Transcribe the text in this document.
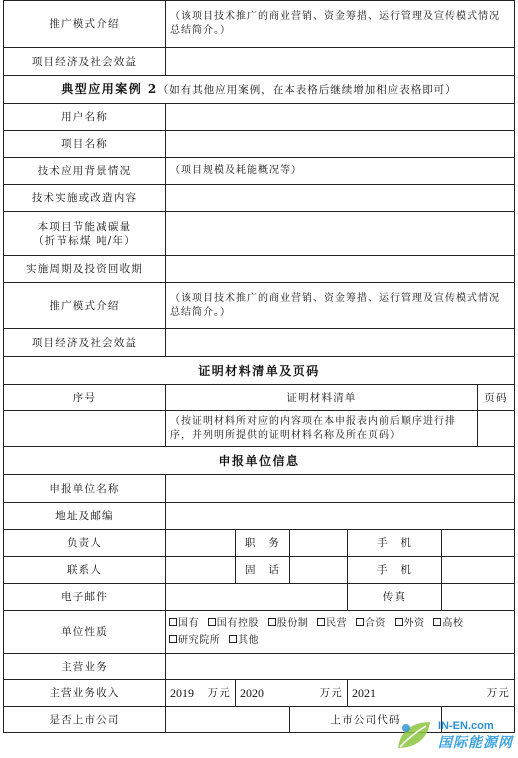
推广模式介绍	（该项目技术推广的商业营销、资金筹措、运行管理及宣传模式情况总结简介。）					
项目经济及社会效益						
典型应用案例 2（如有其他应用案例，在本表格后继续增加相应表格即可）						
用户名称						
项目名称						
技术应用背景情况	（项目规模及耗能概况等）					
技术实施或改造内容						

本项目节能减碳量
（折节标煤 吨/年）						

实施周期及投资回收期						
推广模式介绍	（该项目技术推广的商业营销、资金筹措、运行管理及宣传模式情况总结简介。）					
项目经济及社会效益						
证明材料清单及页码						
序号	证明材料清单					页码
	（按证明材料所对应的内容项在本申报表内前后顺序进行排序，并列明所提供的证明材料名称及所在页码）					
申报单位信息						
申报单位名称						
地址及邮编						
负责人		职　务		手　机		
联系人		固　话		手　机		
电子邮件				传真		
单位性质	国有 国有控股 股份制 民营 合资 外资 高校
研究院所 其他					
主营业务						
主营业务收入	2019 万元	2020 万元		2021 万元		

是否上市公司			上市公司代码			
IN-EN.com
国际能源网
